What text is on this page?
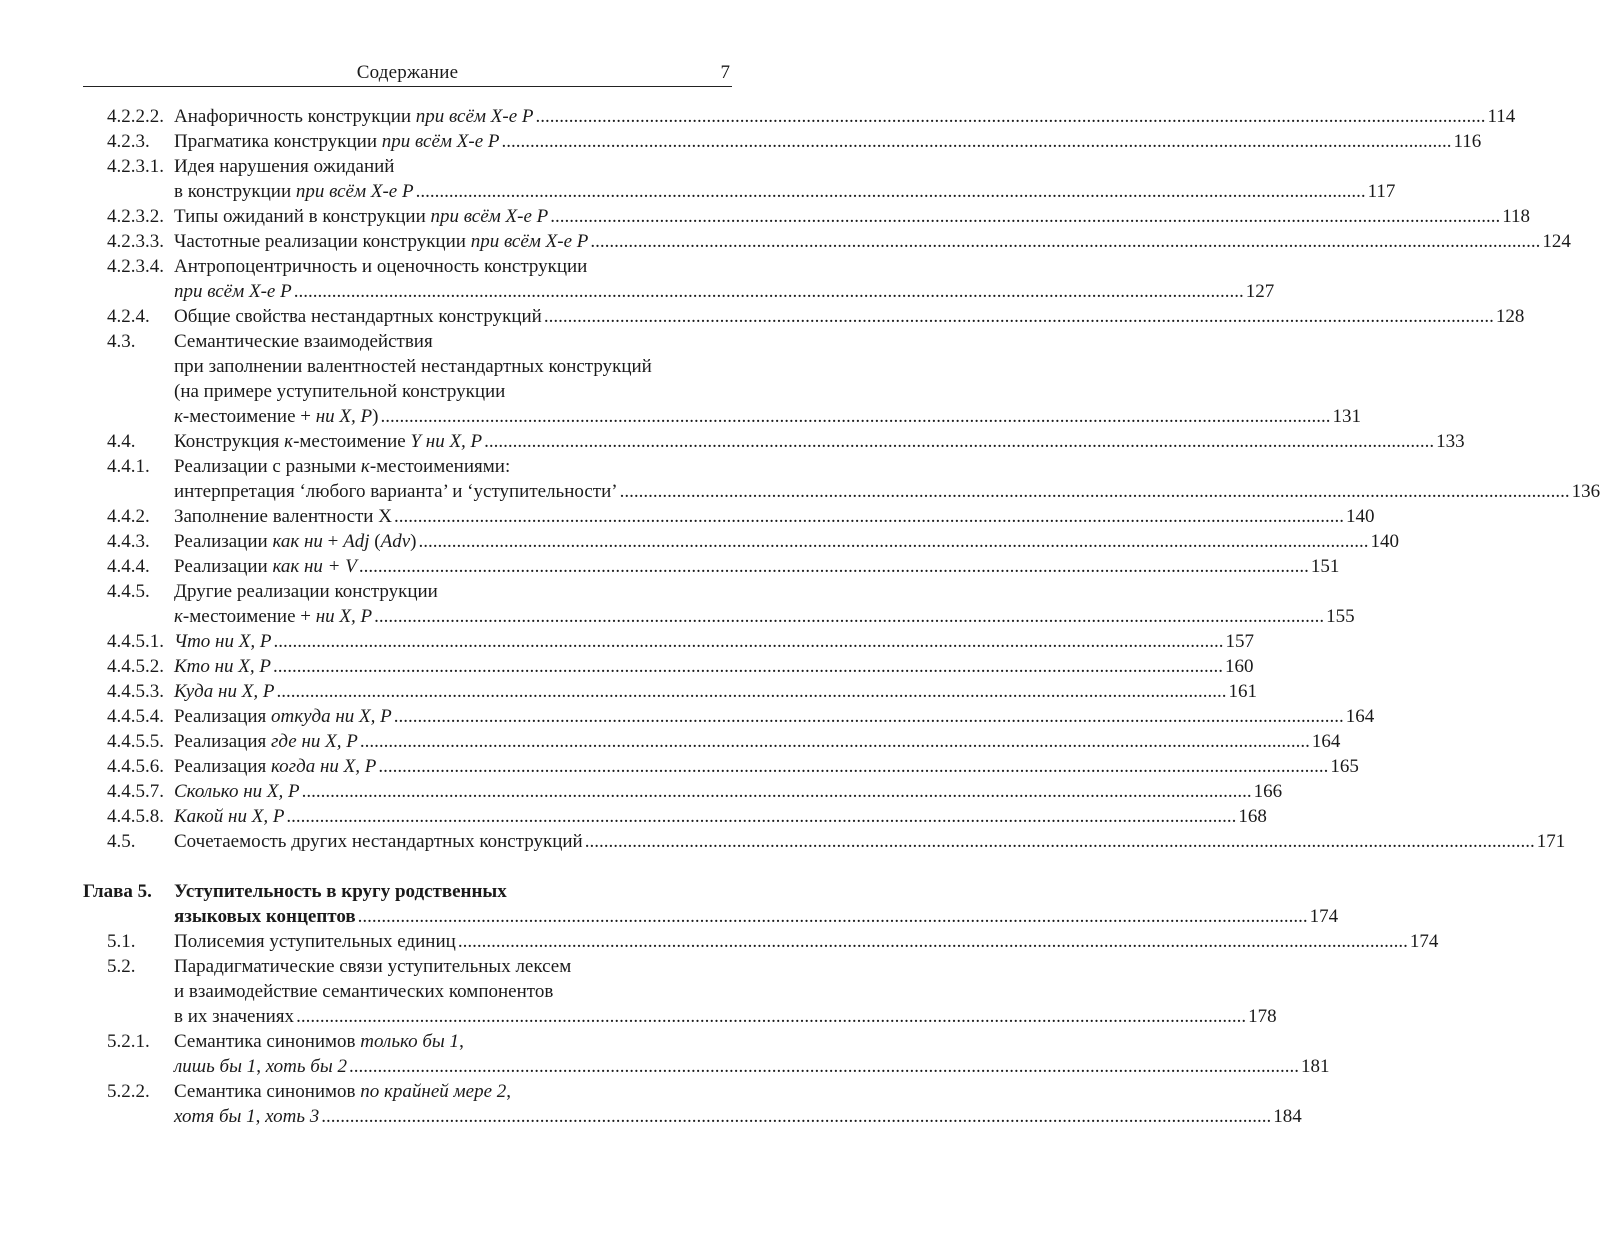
Содержание	7
4.2.2.2. Анафоричность конструкции при всём Х-е Р ........................................................................................................................................................................................................ 114
4.2.3. Прагматика конструкции при всём Х-е Р ........................................................................................................................................................................................................ 116
4.2.3.1. Идея нарушения ожиданий
в конструкции при всём Х-е Р ........................................................................................................................................................................................................ 117
4.2.3.2. Типы ожиданий в конструкции при всём Х-е Р ........................................................................................................................................................................................................ 118
4.2.3.3. Частотные реализации конструкции при всём Х-е Р ........................................................................................................................................................................................................ 124
4.2.3.4. Антропоцентричность и оценочность конструкции
при всём Х-е Р ........................................................................................................................................................................................................ 127
4.2.4. Общие свойства нестандартных конструкций ........................................................................................................................................................................................................ 128
4.3. Семантические взаимодействия
при заполнении валентностей нестандартных конструкций
(на примере уступительной конструкции
к-местоимение + ни Х, Р) ........................................................................................................................................................................................................ 131
4.4. Конструкция к-местоимение Y ни Х, Р ........................................................................................................................................................................................................ 133
4.4.1. Реализации с разными к-местоимениями:
интерпретация ‘любого варианта’ и ‘уступительности’ ........................................................................................................................................................................................................ 136
4.4.2. Заполнение валентности Х ........................................................................................................................................................................................................ 140
4.4.3. Реализации как ни + Adj (Adv) ........................................................................................................................................................................................................ 140
4.4.4. Реализации как ни + V ........................................................................................................................................................................................................ 151
4.4.5. Другие реализации конструкции
к-местоимение + ни Х, Р ........................................................................................................................................................................................................ 155
4.4.5.1. Что ни Х, Р ........................................................................................................................................................................................................ 157
4.4.5.2. Кто ни Х, Р ........................................................................................................................................................................................................ 160
4.4.5.3. Куда ни Х, Р ........................................................................................................................................................................................................ 161
4.4.5.4. Реализация откуда ни Х, Р ........................................................................................................................................................................................................ 164
4.4.5.5. Реализация где ни Х, Р ........................................................................................................................................................................................................ 164
4.4.5.6. Реализация когда ни Х, Р ........................................................................................................................................................................................................ 165
4.4.5.7. Сколько ни Х, Р ........................................................................................................................................................................................................ 166
4.4.5.8. Какой ни Х, Р ........................................................................................................................................................................................................ 168
4.5. Сочетаемость других нестандартных конструкций ........................................................................................................................................................................................................ 171
Глава 5. Уступительность в кругу родственных
языковых концептов ........................................................................................................................................................................................................ 174
5.1. Полисемия уступительных единиц ........................................................................................................................................................................................................ 174
5.2. Парадигматические связи уступительных лексем
и взаимодействие семантических компонентов
в их значениях ........................................................................................................................................................................................................ 178
5.2.1. Семантика синонимов только бы 1,
лишь бы 1, хоть бы 2 ........................................................................................................................................................................................................ 181
5.2.2. Семантика синонимов по крайней мере 2,
хотя бы 1, хоть 3 ........................................................................................................................................................................................................ 184
